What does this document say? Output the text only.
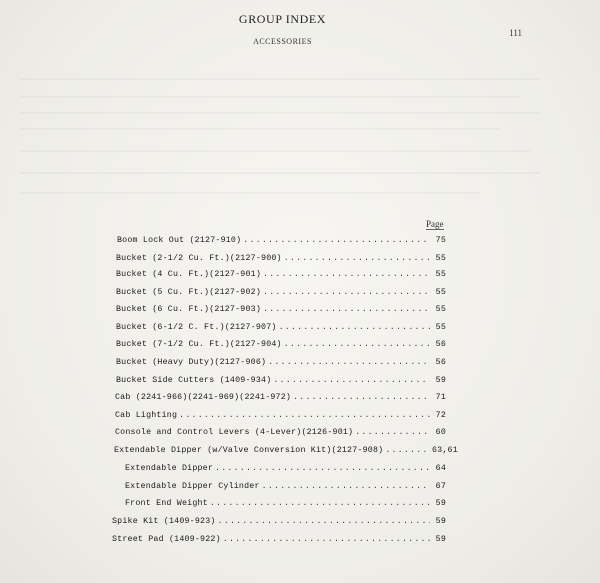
GROUP INDEX
ACCESSORIES
111
Page
Boom Lock Out (2127-910) .....	75
Bucket (2-1/2 Cu. Ft.)(2127-900) .....	55
Bucket (4 Cu. Ft.)(2127-901) .....	55
Bucket (5 Cu. Ft.)(2127-902) .....	55
Bucket (6 Cu. Ft.)(2127-903) .....	55
Bucket (6-1/2 C. Ft.)(2127-907) .....	55
Bucket (7-1/2 Cu. Ft.)(2127-904) .....	56
Bucket (Heavy Duty)(2127-906) .....	56
Bucket Side Cutters (1409-934) .....	59
Cab (2241-966)(2241-969)(2241-972) .....	71
Cab Lighting .....	72
Console and Control Levers (4-Lever)(2126-901) .....	60
Extendable Dipper (w/Valve Conversion Kit)(2127-908) .....	63,61
Extendable Dipper .....	64
Extendable Dipper Cylinder .....	67
Front End Weight .....	59
Spike Kit (1409-923) .....	59
Street Pad (1409-922) .....	59
